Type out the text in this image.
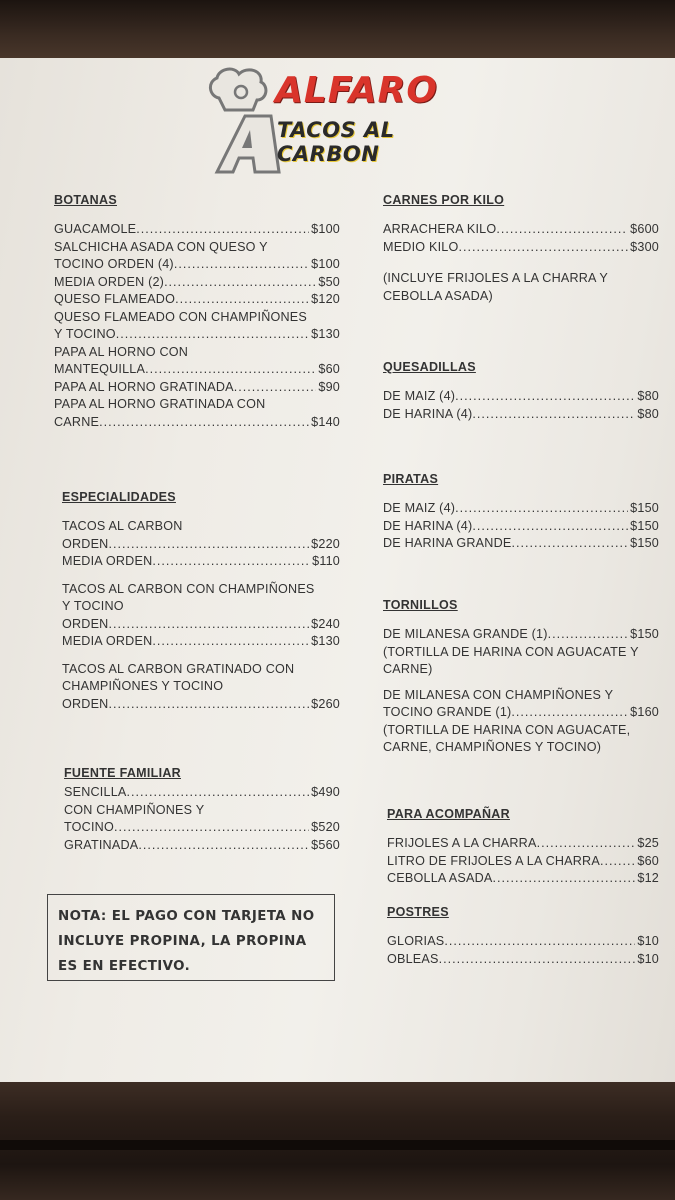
ALFARO
TACOS AL CARBON
BOTANAS
GUACAMOLE .....	$100
SALCHICHA ASADA CON QUESO Y
TOCINO ORDEN (4) .....	$100
MEDIA ORDEN (2) .....	$50
QUESO FLAMEADO .....	$120
QUESO FLAMEADO CON CHAMPIÑONES
Y TOCINO .....	$130
PAPA AL HORNO CON
MANTEQUILLA .....	$60
PAPA AL HORNO GRATINADA .....	$90
PAPA AL HORNO GRATINADA CON
CARNE .....	$140
ESPECIALIDADES
TACOS AL CARBON
ORDEN .....	$220
MEDIA ORDEN .....	$110
TACOS AL CARBON CON CHAMPIÑONES
Y TOCINO
ORDEN .....	$240
MEDIA ORDEN .....	$130
TACOS AL CARBON GRATINADO CON
CHAMPIÑONES Y TOCINO
ORDEN .....	$260
FUENTE FAMILIAR
SENCILLA .....	$490
CON CHAMPIÑONES Y
TOCINO .....	$520
GRATINADA .....	$560
NOTA: EL PAGO CON TARJETA NO INCLUYE PROPINA, LA PROPINA ES EN EFECTIVO.
CARNES POR KILO
ARRACHERA KILO .....	$600
MEDIO KILO .....	$300
(INCLUYE FRIJOLES A LA CHARRA Y
CEBOLLA ASADA)
QUESADILLAS
DE MAIZ (4) .....	$80
DE HARINA (4) .....	$80
PIRATAS
DE MAIZ (4) .....	$150
DE HARINA (4) .....	$150
DE HARINA GRANDE .....	$150
TORNILLOS
DE MILANESA GRANDE (1) .....	$150
(TORTILLA DE HARINA CON AGUACATE Y
CARNE)
DE MILANESA CON CHAMPIÑONES Y
TOCINO GRANDE (1) .....	$160
(TORTILLA DE HARINA CON AGUACATE,
CARNE, CHAMPIÑONES Y TOCINO)
PARA ACOMPAÑAR
FRIJOLES A LA CHARRA .....	$25
LITRO DE FRIJOLES A LA CHARRA .....	$60
CEBOLLA ASADA .....	$12
POSTRES
GLORIAS .....	$10
OBLEAS .....	$10
